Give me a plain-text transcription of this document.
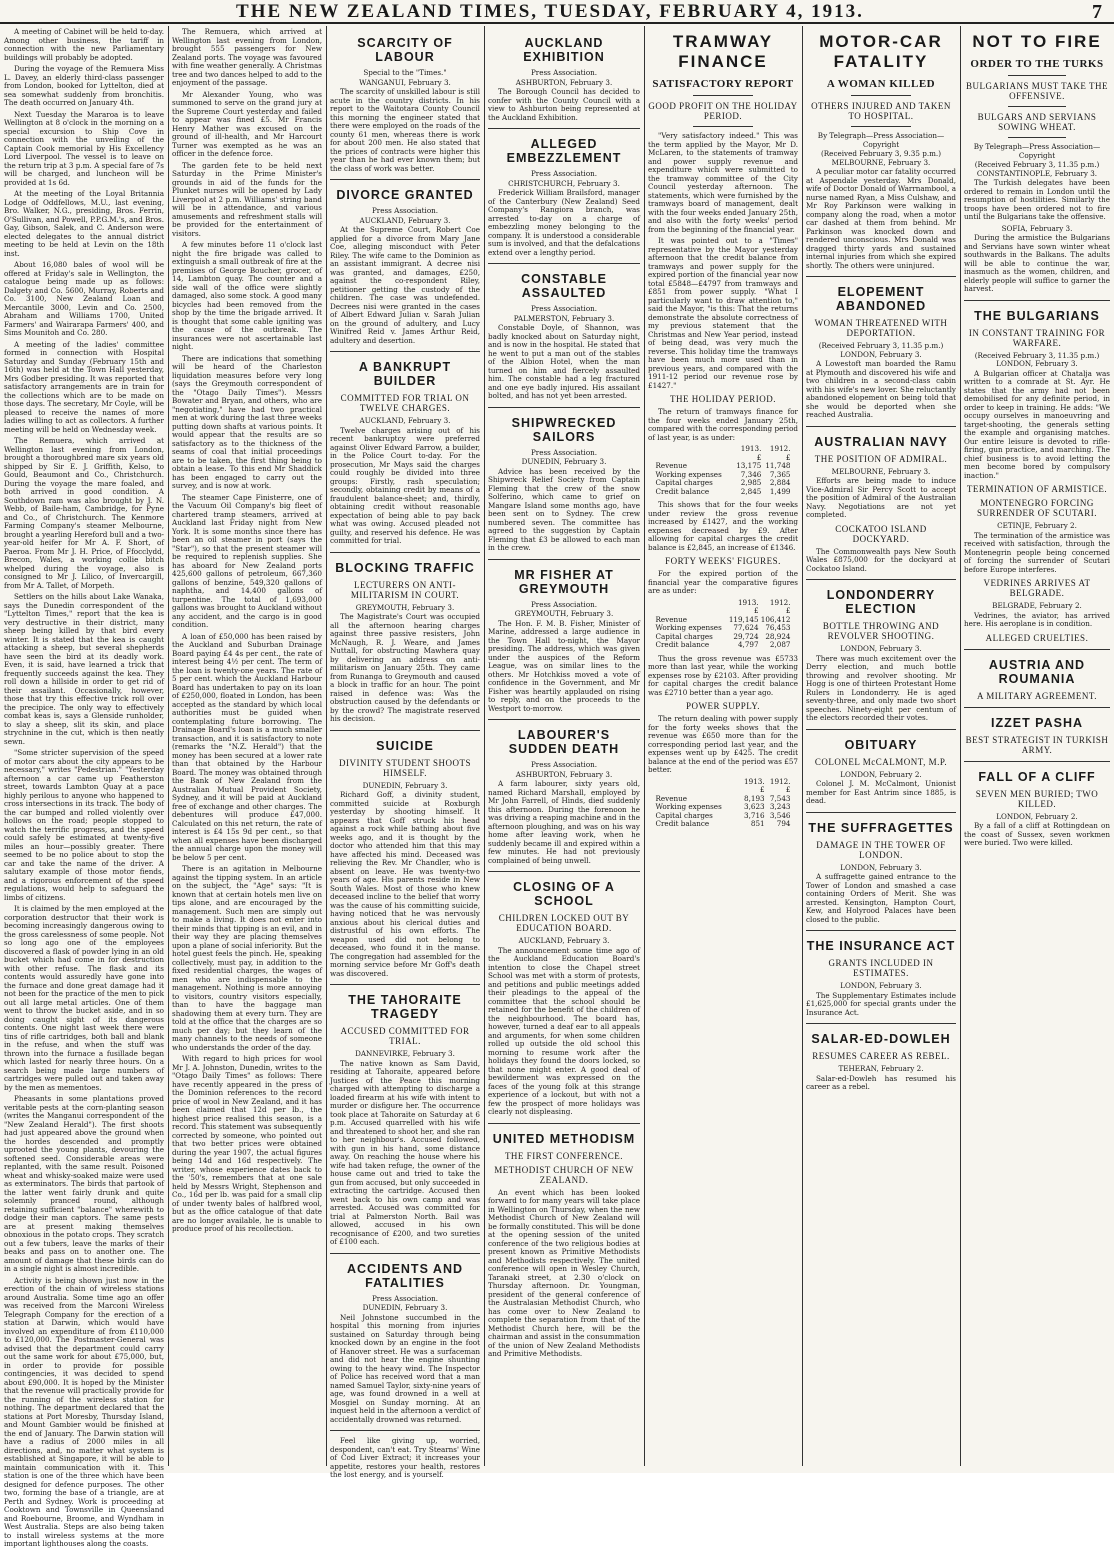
THE NEW ZEALAND TIMES, TUESDAY, FEBRUARY 4, 1913.	7

A meeting of Cabinet will be held to-day. Among other business, the tariff in connection with the new Parliamentary buildings will probably be adopted.

During the voyage of the Remuera Miss L. Davey, an elderly third-class passenger from London, booked for Lyttelton, died at sea somewhat suddenly from bronchitis. The death occurred on January 4th.

Next Tuesday the Mararoa is to leave Wellington at 8 o'clock in the morning on a special excursion to Ship Cove in connection with the unveiling of the Captain Cook memorial by His Excellency Lord Liverpool. The vessel is to leave on the return trip at 3 p.m. A special fare of 7s will be charged, and luncheon will be provided at 1s 6d.

At the meeting of the Loyal Britannia Lodge of Oddfellows, M.U., last evening, Bro. Walker, N.G., presiding, Bros. Ferrin, O'Sullivan, and Powell, P.P.G.M.'s, and Bros. Gay, Gibson, Salek, and C. Anderson were elected delegates to the annual district meeting to be held at Levin on the 18th inst.

About 16,080 bales of wool will be offered at Friday's sale in Wellington, the catalogue being made up as follows: Dalgety and Co. 5600, Murray, Roberts and Co. 3100, New Zealand Loan and Mercantile 3000, Levin and Co. 2500, Abraham and Williams 1700, United Farmers' and Wairarapa Farmers' 400, and Sims Mounitoh and Co. 280.

A meeting of the ladies' committee formed in connection with Hospital Saturday and Sunday (February 15th and 16th) was held at the Town Hall yesterday, Mrs Godber presiding. It was reported that satisfactory arrangements are in train for the collections which are to be made on those days. The secretary, Mr Coyle, will be pleased to receive the names of more ladies willing to act as collectors. A further meeting will be held on Wednesday week.

The Remuera, which arrived at Wellington last evening from London, brought a thoroughbred mare six years old shipped by Sir E. J. Griffith, Kelso, to Gould, Beaumont and Co., Christchurch. During the voyage the mare foaled, and both arrived in good condition. A Southdown ram was also brought by J. N. Webb, of Baile-ham, Cambridge, for Pyne and Co., of Christchurch. The Kenmore Farming Company's steamer Melbourne, brought a yearling Hereford bull and a two-year-old heifer for Mr A. F. Short, of Paeroa. From Mr J. H. Price, of Ffocclydd, Brecon, Wales, a working collie bitch whelped during the voyage, also is consigned to Mr J. Lilico, of Invercargill, from Mr A. Tallet, of Morpeth.

Settlers on the hills about Lake Wanaka, says the Dunedin correspondent of the "Lyttelton Times," report that the kea is very destructive in their district, many sheep being killed by that bird every winter. It is stated that the kea is caught attacking a sheep, but several shepherds have seen the bird at its deadly work. Even, it is said, have learned a trick that frequently succeeds against the kea. They roll down a hillside in order to get rid of their assailant. Occasionally, however, those that try this effective trick roll over the precipice. The only way to effectively combat keas is, says a Glenside runholder, to slay a sheep, slit its skin, and place strychnine in the cut, which is then neatly sewn.

"Some stricter supervision of the speed of motor cars about the city appears to be necessary," writes "Pedestrian." "Yesterday afternoon a car came up Featherston street, towards Lambton Quay at a pace highly perilous to anyone who happened to cross intersections in its track. The body of the car bumped and rolled violently over hollows on the road; people stopped to watch the terrific progress, and the speed could safely be estimated at twenty-five miles an hour—possibly greater. There seemed to be no police about to stop the car and take the name of the driver. A salutary example of those motor fiends, and a rigorous enforcement of the speed regulations, would help to safeguard the limbs of citizens.

It is claimed by the men employed at the corporation destructor that their work is becoming increasingly dangerous owing to the gross carelessness of some people. Not so long ago one of the employees discovered a flask of powder lying in an old bucket which had come in for destruction with other refuse. The flask and its contents would assuredly have gone into the furnace and done great damage had it not been for the practice of the men to pick out all large metal articles. One of them went to throw the bucket aside, and in so doing caught sight of its dangerous contents. One night last week there were tins of rifle cartridges, both ball and blank in the refuse, and when the stuff was thrown into the furnace a fusillade began which lasted for nearly three hours. On a search being made large numbers of cartridges were pulled out and taken away by the men as mementoes.

Pheasants in some plantations proved veritable pests at the corn-planting season (writes the Manganui correspondent of the "New Zealand Herald"). The first shoots had just appeared above the ground when the hordes descended and promptly uprooted the young plants, devouring the softened seed. Considerable areas were replanted, with the same result. Poisoned wheat and whisky-soaked maize were used as exterminators. The birds that partook of the latter went fairly drunk and quite solemnly pranced round, although retaining sufficient "balance" wherewith to dodge their man captors. The same pests are at present making themselves obnoxious in the potato crops. They scratch out a few tubers, leave the marks of their beaks and pass on to another one. The amount of damage that these birds can do in a single night is almost incredible.

Activity is being shown just now in the erection of the chain of wireless stations around Australia. Some time ago an offer was received from the Marconi Wireless Telegraph Company for the erection of a station at Darwin, which would have involved an expenditure of from £110,000 to £120,000. The Postmaster-General was advised that the department could carry out the same work for about £75,000, but, in order to provide for possible contingencies, it was decided to spend about £90,000. It is hoped by the Minister that the revenue will practically provide for the running of the wireless station for nothing. The department declared that the stations at Port Moresby, Thursday Island, and Mount Gambier would be finished at the end of January. The Darwin station will have a radius of 2000 miles in all directions, and, no matter what system is established at Singapore, it will be able to maintain communication with it. This station is one of the three which have been designed for defence purposes. The other two, forming the base of a triangle, are at Perth and Sydney. Work is proceeding at Cooktown and Townsville in Queensland and Roebourne, Broome, and Wyndham in West Australia. Steps are also being taken to install wireless systems at the more important lighthouses along the coasts.

The Remuera, which arrived at Wellington last evening from London, brought 555 passengers for New Zealand ports. The voyage was favoured with fine weather generally. A Christmas tree and two dances helped to add to the enjoyment of the passage.

Mr Alexander Young, who was summoned to serve on the grand jury at the Supreme Court yesterday and failed to appear was fined £5. Mr Francis Henry Mather was excused on the ground of ill-health, and Mr Harcourt Turner was exempted as he was an officer in the defence force.

The garden fete to be held next Saturday in the Prime Minister's grounds in aid of the funds for the Plunket nurses will be opened by Lady Liverpool at 2 p.m. Williams' string band will be in attendance, and various amusements and refreshment stalls will be provided for the entertainment of visitors.

A few minutes before 11 o'clock last night the fire brigade was called to extinguish a small outbreak of fire at the premises of George Boucher, grocer, of 14, Lambton quay. The counter and a side wall of the office were slightly damaged, also some stock. A good many bicycles had been removed from the shop by the time the brigade arrived. It is thought that some cable igniting was the cause of the outbreak. The insurances were not ascertainable last night.

There are indications that something will be heard of the Charleston liquidation measures before very long (says the Greymouth correspondent of the "Otago Daily Times"). Messrs Bowater and Bryan, and others, who are "negotiating," have had two practical men at work during the last three weeks putting down shafts at various points. It would appear that the results are so satisfactory as to the thickness of the seams of coal that initial proceedings are to be taken, the first thing being to obtain a lease. To this end Mr Shaddick has been engaged to carry out the survey, and is now at work.

The steamer Cape Finisterre, one of the Vacuum Oil Company's big fleet of chartered tramp steamers, arrived at Auckland last Friday night from New York. It is some months since there has been an oil steamer in port (says the "Star"), so that the present steamer will be required to replenish supplies. She has aboard for New Zealand ports 425,600 gallons of petroleum, 667,360 gallons of benzine, 549,320 gallons of naphtha, and 14,400 gallons of turpentine. The total of 1,693,000 gallons was brought to Auckland without any accident, and the cargo is in good condition.

A loan of £50,000 has been raised by the Auckland and Suburban Drainage Board paying £4 4s per cent., the rate of interest being 4½ per cent. The term of the loan is twenty-one years. The rate of 5 per cent. which the Auckland Harbour Board has undertaken to pay on its loan of £250,000, floated in London, has been accepted as the standard by which local authorities must be guided when contemplating future borrowing. The Drainage Board's loan is a much smaller transaction, and it is satisfactory to note (remarks the "N.Z. Herald") that the money has been secured at a lower rate than that obtained by the Harbour Board. The money was obtained through the Bank of New Zealand from the Australian Mutual Provident Society, Sydney, and it will be paid at Auckland free of exchange and other charges. The debentures will produce £47,000. Calculated on this net return, the rate of interest is £4 15s 9d per cent., so that when all expenses have been discharged the annual charge upon the money will be below 5 per cent.

There is an agitation in Melbourne against the tipping system. In an article on the subject, the "Age" says: "It is known that at certain hotels men live on tips alone, and are encouraged by the management. Such men are simply out to make a living. It does not enter into their minds that tipping is an evil, and in their way they are placing themselves upon a plane of social inferiority. But the hotel guest feels the pinch. He, speaking collectively, must pay, in addition to the fixed residential charges, the wages of men who are indispensable to the management. Nothing is more annoying to visitors, country visitors especially, than to have the baggage man shadowing them at every turn. They are told at the office that the charges are so much per day; but they learn of the many channels to the needs of someone who understands the order of the day.

With regard to high prices for wool Mr J. A. Johnston, Dunedin, writes to the "Otago Daily Times" as follows: There have recently appeared in the press of the Dominion references to the record price of wool in New Zealand, and it has been claimed that 12d per lb., the highest price realised this season, is a record. This statement was subsequently corrected by someone, who pointed out that two better prices were obtained during the year 1907, the actual figures being 14d and 16d respectively. The writer, whose experience dates back to the '50's, remembers that at one sale held by Messrs Wright, Stephenson and Co., 16d per lb. was paid for a small clip of under twenty bales of halfbred wool, but as the office catalogue of that date are no longer available, he is unable to produce proof of his recollection.

SCARCITY OF LABOUR
Special to the "Times."
WANGANUI, February 3.

The scarcity of unskilled labour is still acute in the country districts. In his report to the Waitotara County Council this morning the engineer stated that there were employed on the roads of the county 61 men, whereas there is work for about 200 men. He also stated that the prices of contracts were higher this year than he had ever known them; but the class of work was better.

DIVORCE GRANTED
Press Association.
AUCKLAND, February 3.

At the Supreme Court, Robert Coe applied for a divorce from Mary Jane Coe, alleging misconduct with Peter Riley. The wife came to the Dominion as an assistant immigrant. A decree nisi was granted, and damages, £250, against the co-respondent Riley, petitioner getting the custody of the children. The case was undefended. Decrees nisi were granted in the cases of Albert Edward Julian v. Sarah Julian on the ground of adultery, and Lucy Winifred Reid v. James Arthur Reid, adultery and desertion.

A BANKRUPT BUILDER
COMMITTED FOR TRIAL ON TWELVE CHARGES.
AUCKLAND, February 3.

Twelve charges arising out of his recent bankruptcy were preferred against Oliver Edward Farrow, a builder, in the Police Court to-day. For the prosecution, Mr Mays said the charges could roughly be divided into three groups: Firstly, rash speculation; secondly, obtaining credit by means of a fraudulent balance-sheet; and, thirdly, obtaining credit without reasonable expectation of being able to pay back what was owing. Accused pleaded not guilty, and reserved his defence. He was committed for trial.

BLOCKING TRAFFIC
LECTURERS ON ANTI-MILITARISM IN COURT.
GREYMOUTH, February 3.

The Magistrate's Court was occupied all the afternoon hearing charges against three passive resisters, John McNaugh, R. J. Weare, and James Nuttall, for obstructing Mawhera quay by delivering an address on anti-militarism on January 25th. They came from Runanga to Greymouth and caused a block in traffic for an hour. The point raised in defence was: Was the obstruction caused by the defendants or by the crowd? The magistrate reserved his decision.

SUICIDE
DIVINITY STUDENT SHOOTS HIMSELF.
DUNEDIN, February 3.

Richard Goff, a divinity student, committed suicide at Roxburgh yesterday by shooting himself. It appears that Goff struck his head against a rock while bathing about five weeks ago, and it is thought by the doctor who attended him that this may have affected his mind. Deceased was relieving the Rev. Mr Chandler, who is absent on leave. He was twenty-two years of age. His parents reside in New South Wales. Most of those who knew deceased incline to the belief that worry was the cause of his committing suicide, having noticed that he was nervously anxious about his clerical duties and distrustful of his own efforts. The weapon used did not belong to deceased, who found it in the manse. The congregation had assembled for the morning service before Mr Goff's death was discovered.

THE TAHORAITE TRAGEDY
ACCUSED COMMITTED FOR TRIAL.
DANNEVIRKE, February 3.

The native known as Sam David, residing at Tahoraite, appeared before Justices of the Peace this morning charged with attempting to discharge a loaded firearm at his wife with intent to murder or disfigure her. The occurrence took place at Tahoraite on Saturday at 6 p.m. Accused quarrelled with his wife and threatened to shoot her, and she ran to her neighbour's. Accused followed, with gun in his hand, some distance away. On reaching the house where his wife had taken refuge, the owner of the house came out and tried to take the gun from accused, but only succeeded in extracting the cartridge. Accused then went back to his own camp and was arrested. Accused was committed for trial at Palmerston North. Bail was allowed, accused in his own recognisance of £200, and two sureties of £100 each.

ACCIDENTS AND FATALITIES
Press Association.
DUNEDIN, February 3.

Neil Johnstone succumbed in the hospital this morning from injuries sustained on Saturday through being knocked down by an engine in the foot of Hanover street. He was a surfaceman and did not hear the engine shunting owing to the heavy wind. The Inspector of Police has received word that a man named Samuel Taylor, sixty-nine years of age, was found drowned in a well at Mosgiel on Sunday morning. At an inquest held in the afternoon a verdict of accidentally drowned was returned.

Feel like giving up, worried, despondent, can't eat. Try Stearns' Wine of Cod Liver Extract; it increases your appetite, restores your health, restores the lost energy, and is yourself.

AUCKLAND EXHIBITION
Press Association.
ASHBURTON, February 3.

The Borough Council has decided to confer with the County Council with a view to Ashburton being represented at the Auckland Exhibition.

ALLEGED EMBEZZLEMENT
Press Association.
CHRISTCHURCH, February 3.

Frederick William Brailsford, manager of the Canterbury (New Zealand) Seed Company's Rangiora branch, was arrested to-day on a charge of embezzling money belonging to the company. It is understood a considerable sum is involved, and that the defalcations extend over a lengthy period.

CONSTABLE ASSAULTED
Press Association.
PALMERSTON, February 3.

Constable Doyle, of Shannon, was badly knocked about on Saturday night, and is now in the hospital. He stated that he went to put a man out of the stables of the Albion Hotel, when the man turned on him and fiercely assaulted him. The constable had a leg fractured and one eye badly injured. His assailant bolted, and has not yet been arrested.

SHIPWRECKED SAILORS
Press Association.
DUNEDIN, February 3.

Advice has been received by the Shipwreck Relief Society from Captain Fleming that the crew of the snow Solferino, which came to grief on Mangare Island some months ago, have been sent on to Sydney. The crew numbered seven. The committee has agreed to the suggestion by Captain Fleming that £3 be allowed to each man in the crew.

MR FISHER AT GREYMOUTH
Press Association.
GREYMOUTH, February 3.

The Hon. F. M. B. Fisher, Minister of Marine, addressed a large audience in the Town Hall to-night, the Mayor presiding. The address, which was given under the auspices of the Reform League, was on similar lines to the others. Mr Hotchkiss moved a vote of confidence in the Government, and Mr Fisher was heartily applauded on rising to reply, and on the proceeds to the Westport to-morrow.

LABOURER'S SUDDEN DEATH
Press Association.
ASHBURTON, February 3.

A farm labourer, sixty years old, named Richard Marshall, employed by Mr John Farrell, of Hinds, died suddenly this afternoon. During the forenoon he was driving a reaping machine and in the afternoon ploughing, and was on his way home after leaving work, when he suddenly became ill and expired within a few minutes. He had not previously complained of being unwell.

CLOSING OF A SCHOOL
CHILDREN LOCKED OUT BY EDUCATION BOARD.
AUCKLAND, February 3.

The announcement some time ago of the Auckland Education Board's intention to close the Chapel street School was met with a storm of protests, and petitions and public meetings added their pleadings to the appeal of the committee that the school should be retained for the benefit of the children of the neighbourhood. The board has, however, turned a deaf ear to all appeals and arguments, for when some children rolled up outside the old school this morning to resume work after the holidays they found the doors locked, so that none might enter. A good deal of bewilderment was expressed on the faces of the young folk at this strange experience of a lockout, but with not a few the prospect of more holidays was clearly not displeasing.

UNITED METHODISM
THE FIRST CONFERENCE.
METHODIST CHURCH OF NEW ZEALAND.

An event which has been looked forward to for many years will take place in Wellington on Thursday, when the new Methodist Church of New Zealand will be formally constituted. This will be done at the opening session of the united conference of the two religious bodies at present known as Primitive Methodists and Methodists respectively. The united conference will open in Wesley Church, Taranaki street, at 2.30 o'clock on Thursday afternoon. Dr. Youngman, president of the general conference of the Australasian Methodist Church, who has come over to New Zealand to complete the separation from that of the Methodist Church here, will be the chairman and assist in the consummation of the union of New Zealand Methodists and Primitive Methodists.

TRAMWAY FINANCE
SATISFACTORY REPORT
GOOD PROFIT ON THE HOLIDAY PERIOD.

"Very satisfactory indeed." This was the term applied by the Mayor, Mr D. McLaren, to the statements of tramway and power supply revenue and expenditure which were submitted to the tramway committee of the City Council yesterday afternoon. The statements, which were furnished by the tramways board of management, dealt with the four weeks ended January 25th, and also with the forty weeks' period from the beginning of the financial year.

It was pointed out to a "Times" representative by the Mayor yesterday afternoon that the credit balance from tramways and power supply for the expired portion of the financial year now total £5848—£4797 from tramways and £851 from power supply. "What I particularly want to draw attention to," said the Mayor, "is this: That the returns demonstrate the absolute correctness of my previous statement that the Christmas and New Year period, instead of being dead, was very much the reverse. This holiday time the tramways have been much more used than in previous years, and compared with the 1911-12 period our revenue rose by £1427."

THE HOLIDAY PERIOD.

The return of tramways finance for the four weeks ended January 25th, compared with the corresponding period of last year, is as under:

	1913.	1912.
	£	£
Revenue	13,175	11,748
Working expenses	7,346	7,365
Capital charges	2,985	2,884
Credit balance	2,845	1,499

This shows that for the four weeks under review the gross revenue increased by £1427, and the working expenses decreased by £9. After allowing for capital charges the credit balance is £2,845, an increase of £1346.

FORTY WEEKS' FIGURES.

For the expired portion of the financial year the comparative figures are as under:

	1913.	1912.
	£	£
Revenue	119,145	106,412
Working expenses	77,624	76,453
Capital charges	29,724	28,924
Credit balance	4,797	2,087

Thus the gross revenue was £5733 more than last year, while the working expenses rose by £2103. After providing for capital charges the credit balance was £2710 better than a year ago.

POWER SUPPLY.

The return dealing with power supply for the forty weeks shows that the revenue was £650 more than for the corresponding period last year, and the expenses went up by £425. The credit balance at the end of the period was £57 better.

	1913.	1912.
	£	£
Revenue	8,193	7,543
Working expenses	3,623	3,243
Capital charges	3,716	3,546
Credit balance	851	794
MOTOR-CAR FATALITY
A WOMAN KILLED
OTHERS INJURED AND TAKEN TO HOSPITAL.
By Telegraph—Press Association—Copyright
(Received February 3, 9.35 p.m.) MELBOURNE, February 3.

A peculiar motor car fatality occurred at Aspendale yesterday. Mrs Donald, wife of Doctor Donald of Warrnambool, a nurse named Ryan, a Miss Culshaw, and Mr Roy Parkinson were walking in company along the road, when a motor car dashed at them from behind. Mr Parkinson was knocked down and rendered unconscious. Mrs Donald was dragged thirty yards and sustained internal injuries from which she expired shortly. The others were uninjured.

ELOPEMENT ABANDONED
WOMAN THREATENED WITH DEPORTATION.
(Received February 3, 11.35 p.m.) LONDON, February 3.

A Lowestoft man boarded the Ramu at Plymouth and discovered his wife and two children in a second-class cabin with his wife's new lover. She reluctantly abandoned elopement on being told that she would be deported when she reached Australia.

AUSTRALIAN NAVY
THE POSITION OF ADMIRAL.
MELBOURNE, February 3.

Efforts are being made to induce Vice-Admiral Sir Percy Scott to accept the position of Admiral of the Australian Navy. Negotiations are not yet completed.

COCKATOO ISLAND DOCKYARD.

The Commonwealth pays New South Wales £875,000 for the dockyard at Cockatoo Island.

LONDONDERRY ELECTION
BOTTLE THROWING AND REVOLVER SHOOTING.
LONDON, February 3.

There was much excitement over the Derry election, and much bottle throwing and revolver shooting. Mr Hogg is one of thirteen Protestant Home Rulers in Londonderry. He is aged seventy-three, and only made two short speeches. Ninety-eight per centum of the electors recorded their votes.

OBITUARY
COLONEL McCALMONT, M.P.
LONDON, February 2.

Colonel J. M. McCalmont, Unionist member for East Antrim since 1885, is dead.

THE SUFFRAGETTES
DAMAGE IN THE TOWER OF LONDON.
LONDON, February 3.

A suffragette gained entrance to the Tower of London and smashed a case containing Orders of Merit. She was arrested. Kensington, Hampton Court, Kew, and Holyrood Palaces have been closed to the public.

THE INSURANCE ACT
GRANTS INCLUDED IN ESTIMATES.
LONDON, February 3.

The Supplementary Estimates include £1,625,000 for special grants under the Insurance Act.

SALAR-ED-DOWLEH
RESUMES CAREER AS REBEL.
TEHERAN, February 2.

Salar-ed-Dowleh has resumed his career as a rebel.

NOT TO FIRE
ORDER TO THE TURKS
BULGARIANS MUST TAKE THE OFFENSIVE.
BULGARS AND SERVIANS SOWING WHEAT.
By Telegraph—Press Association—Copyright
(Received February 3, 11.35 p.m.) CONSTANTINOPLE, February 3.

The Turkish delegates have been ordered to remain in London until the resumption of hostilities. Similarly the troops have been ordered not to fire until the Bulgarians take the offensive.

SOFIA, February 3.

During the armistice the Bulgarians and Servians have sown winter wheat southwards in the Balkans. The adults will be able to continue the war, inasmuch as the women, children, and elderly people will suffice to garner the harvest.

THE BULGARIANS
IN CONSTANT TRAINING FOR WARFARE.
(Received February 3, 11.35 p.m.) LONDON, February 3.

A Bulgarian officer at Chatalja was written to a comrade at St. Ayr. He states that the army had not been demobilised for any definite period, in order to keep in training. He adds: "We occupy ourselves in manoeuvring and target-shooting, the generals setting the example and organising matches. Our entire leisure is devoted to rifle-firing, gun practice, and marching. The chief business is to avoid letting the men become bored by compulsory inaction."

TERMINATION OF ARMISTICE.
MONTENEGRO FORCING SURRENDER OF SCUTARI.
CETINJE, February 2.

The termination of the armistice was received with satisfaction, through the Montenegrin people being concerned of forcing the surrender of Scutari before Europe interferes.

VEDRINES ARRIVES AT BELGRADE.
BELGRADE, February 2.

Vedrines, the aviator, has arrived here. His aeroplane is in condition.

ALLEGED CRUELTIES.
AUSTRIA AND ROUMANIA
A MILITARY AGREEMENT.
IZZET PASHA
BEST STRATEGIST IN TURKISH ARMY.
FALL OF A CLIFF
SEVEN MEN BURIED; TWO KILLED.
LONDON, February 2.

By a fall of a cliff at Rottingdean on the coast of Sussex, seven workmen were buried. Two were killed.
